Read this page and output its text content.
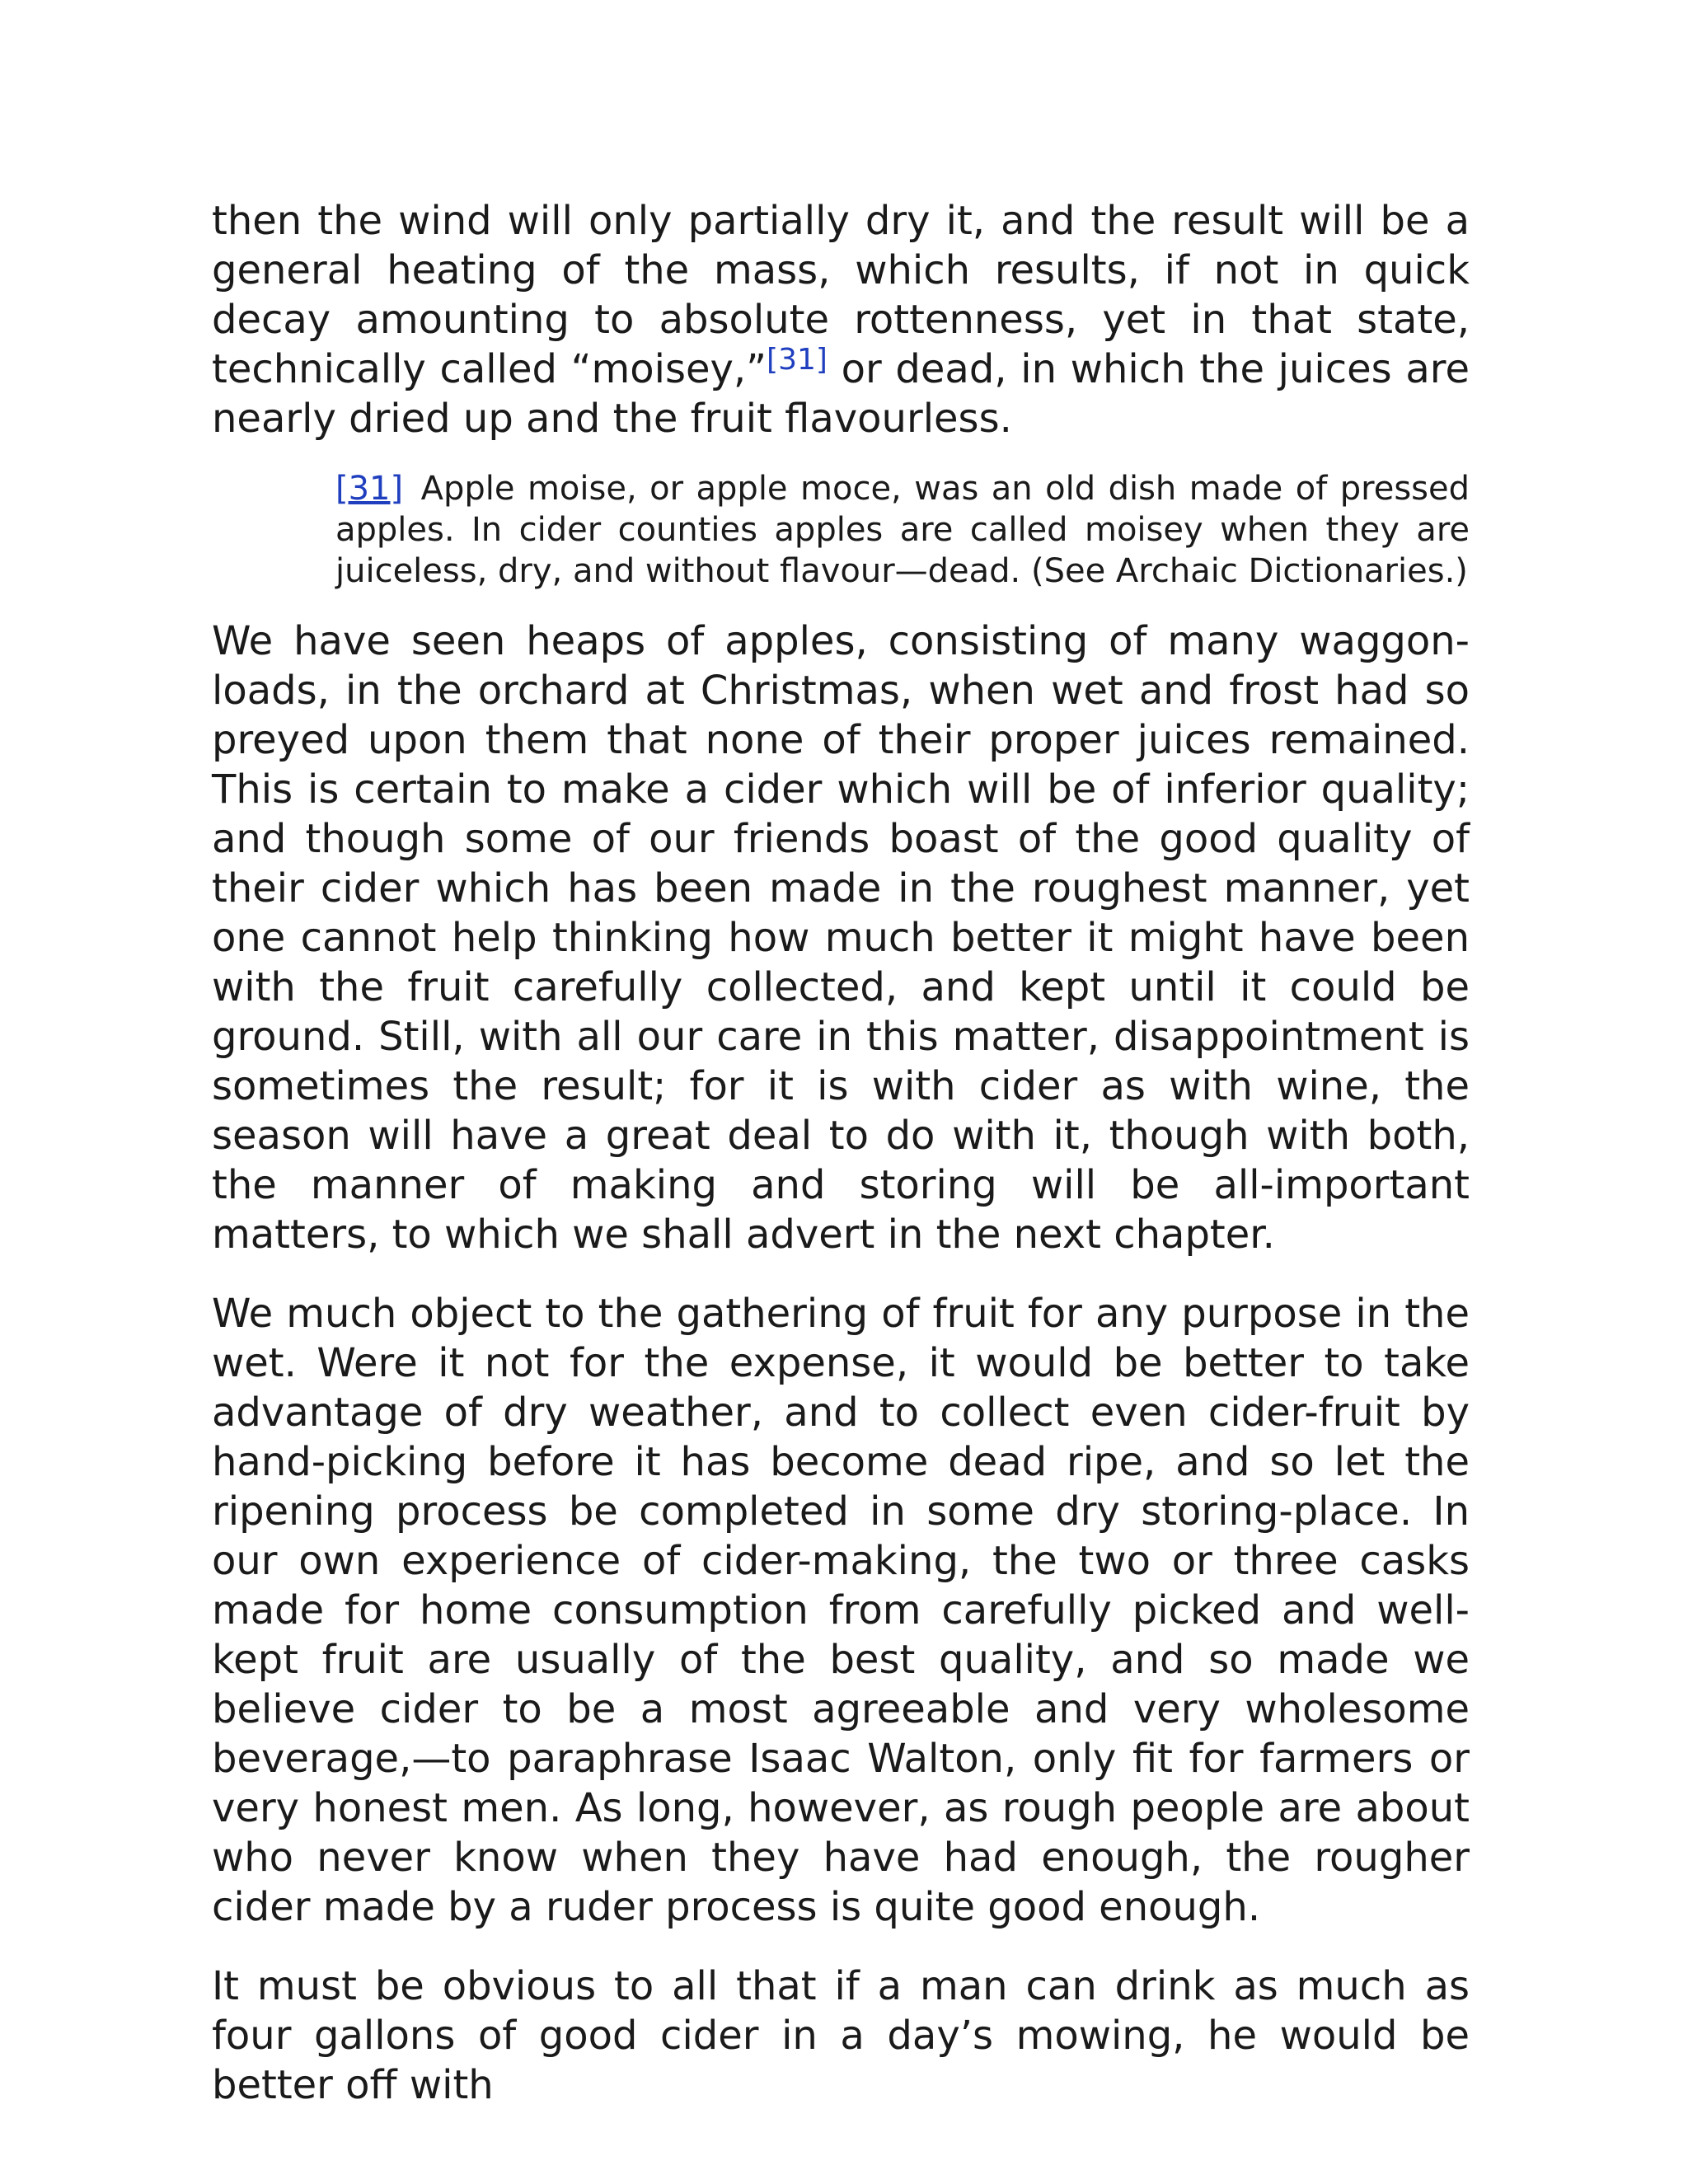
then the wind will only partially dry it, and the result will be a general heating of the mass, which results, if not in quick decay amounting to absolute rottenness, yet in that state, technically called “moisey,”[31] or dead, in which the juices are nearly dried up and the fruit flavourless.

[31] Apple moise, or apple moce, was an old dish made of pressed apples. In cider counties apples are called moisey when they are juiceless, dry, and without flavour—dead. (See Archaic Dictionaries.)

We have seen heaps of apples, consisting of many waggon-loads, in the orchard at Christmas, when wet and frost had so preyed upon them that none of their proper juices remained. This is certain to make a cider which will be of inferior quality; and though some of our friends boast of the good quality of their cider which has been made in the roughest manner, yet one cannot help thinking how much better it might have been with the fruit carefully collected, and kept until it could be ground. Still, with all our care in this matter, disappointment is sometimes the result; for it is with cider as with wine, the season will have a great deal to do with it, though with both, the manner of making and storing will be all-important matters, to which we shall advert in the next chapter.

We much object to the gathering of fruit for any purpose in the wet. Were it not for the expense, it would be better to take advantage of dry weather, and to collect even cider-fruit by hand-picking before it has become dead ripe, and so let the ripening process be completed in some dry storing-place. In our own experience of cider-making, the two or three casks made for home consumption from carefully picked and well-kept fruit are usually of the best quality, and so made we believe cider to be a most agreeable and very wholesome beverage,—to paraphrase Isaac Walton, only fit for farmers or very honest men. As long, however, as rough people are about who never know when they have had enough, the rougher cider made by a ruder process is quite good enough.

It must be obvious to all that if a man can drink as much as four gallons of good cider in a day’s mowing, he would be better off with
